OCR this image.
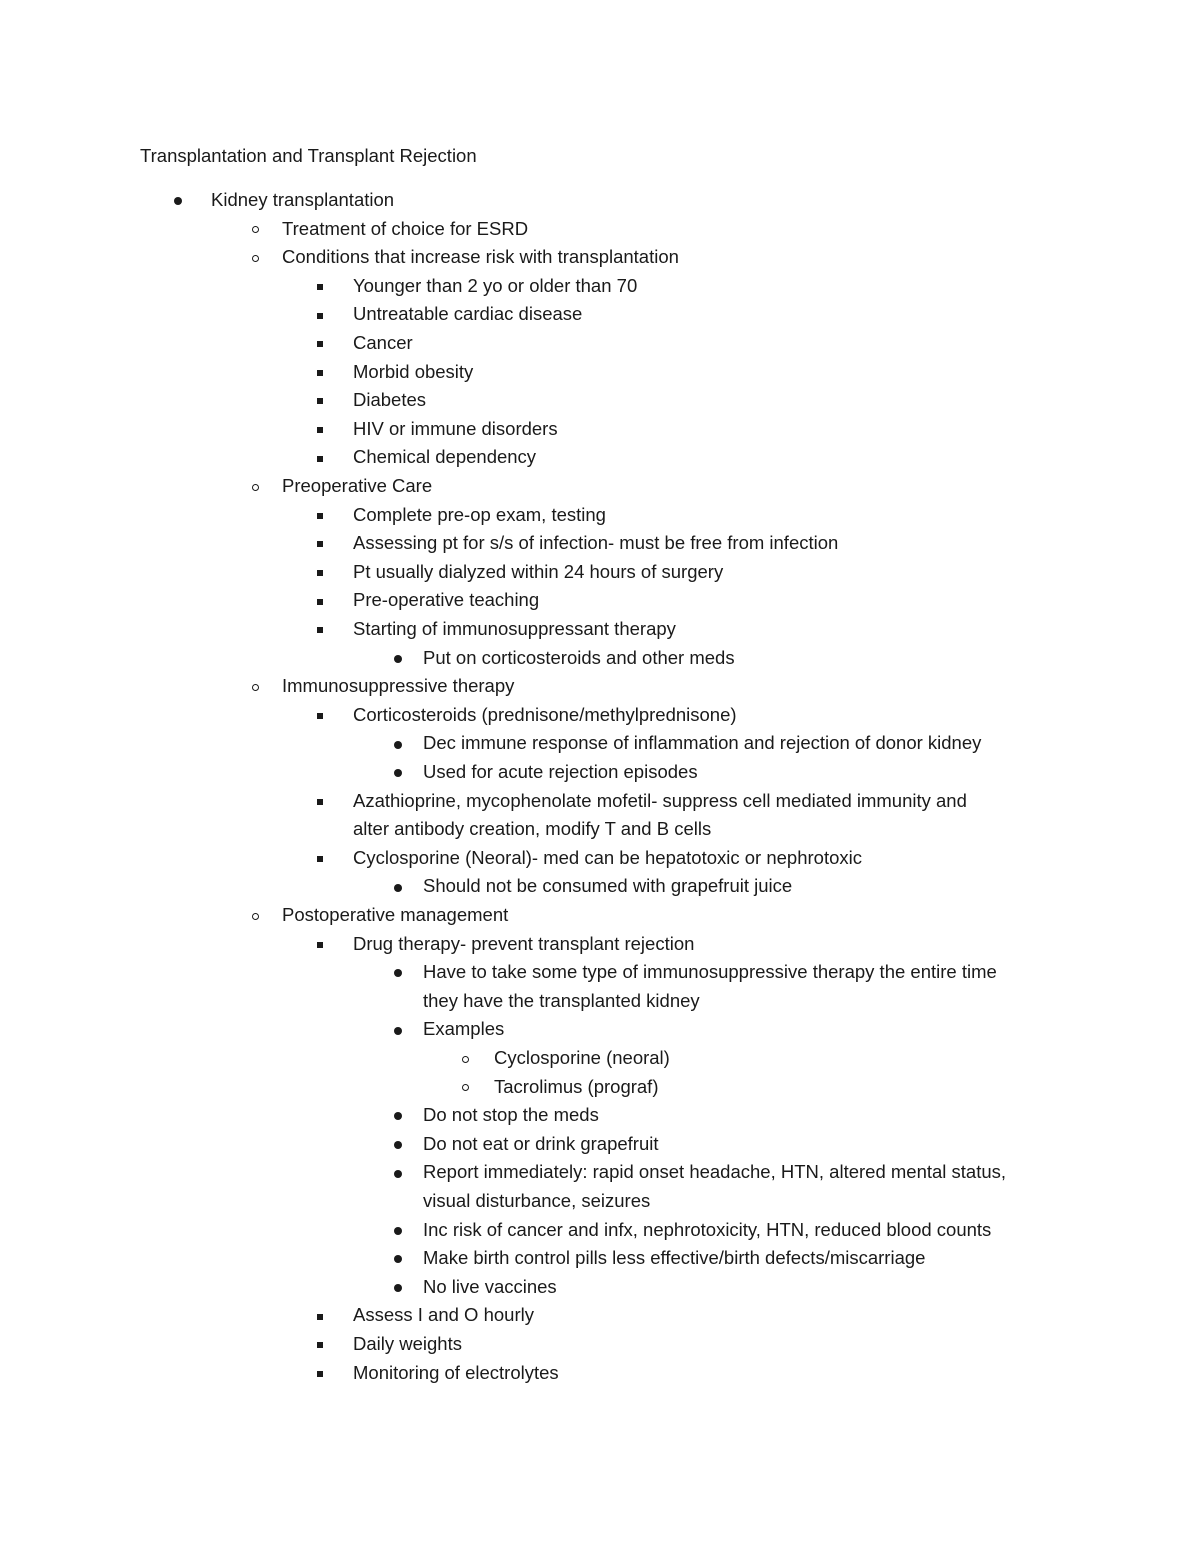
Transplantation and Transplant Rejection
Kidney transplantation
Treatment of choice for ESRD
Conditions that increase risk with transplantation
Younger than 2 yo or older than 70
Untreatable cardiac disease
Cancer
Morbid obesity
Diabetes
HIV or immune disorders
Chemical dependency
Preoperative Care
Complete pre-op exam, testing
Assessing pt for s/s of infection- must be free from infection
Pt usually dialyzed within 24 hours of surgery
Pre-operative teaching
Starting of immunosuppressant therapy
Put on corticosteroids and other meds
Immunosuppressive therapy
Corticosteroids (prednisone/methylprednisone)
Dec immune response of inflammation and rejection of donor kidney
Used for acute rejection episodes
Azathioprine, mycophenolate mofetil- suppress cell mediated immunity and
alter antibody creation, modify T and B cells
Cyclosporine (Neoral)- med can be hepatotoxic or nephrotoxic
Should not be consumed with grapefruit juice
Postoperative management
Drug therapy- prevent transplant rejection
Have to take some type of immunosuppressive therapy the entire time
they have the transplanted kidney
Examples
Cyclosporine (neoral)
Tacrolimus (prograf)
Do not stop the meds
Do not eat or drink grapefruit
Report immediately: rapid onset headache, HTN, altered mental status,
visual disturbance, seizures
Inc risk of cancer and infx, nephrotoxicity, HTN, reduced blood counts
Make birth control pills less effective/birth defects/miscarriage
No live vaccines
Assess I and O hourly
Daily weights
Monitoring of electrolytes
